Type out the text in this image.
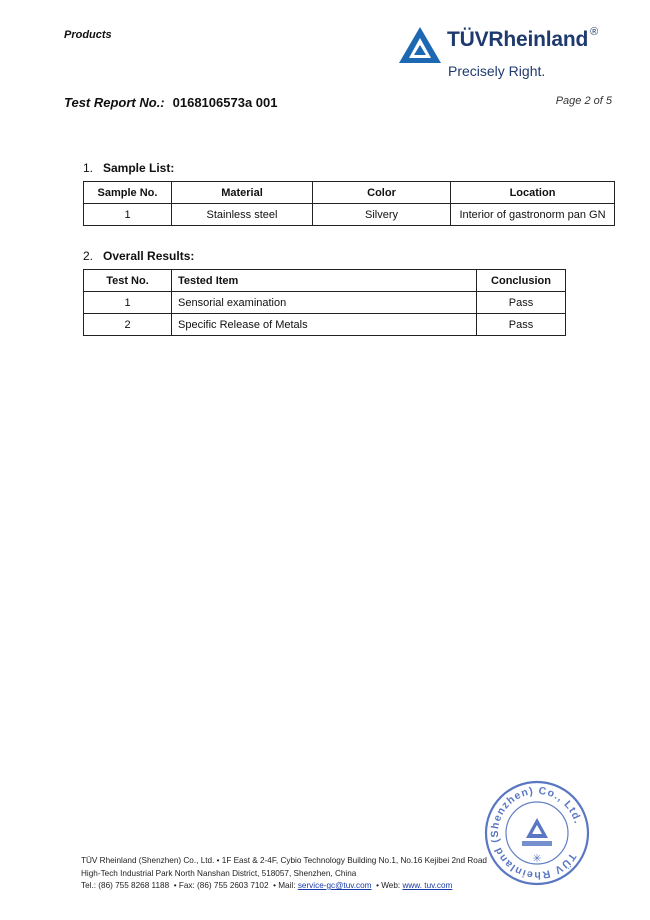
Products	TÜVRheinland ®
Precisely Right.
Test Report No.: 0168106573a 001	Page 2 of 5
1. Sample List:
Sample No.	Material	Color	Location
1	Stainless steel	Silvery	Interior of gastronorm pan GN
2. Overall Results:
Test No.	Tested Item	Conclusion
1	Sensorial examination	Pass
2	Specific Release of Metals	Pass
TÜV Rheinland (Shenzhen) Co., Ltd.
✳
TÜV Rheinland (Shenzhen) Co., Ltd. • 1F East & 2-4F, Cybio Technology Building No.1, No.16 Kejibei 2nd Road
High-Tech Industrial Park North Nanshan District, 518057, Shenzhen, China
Tel.: (86) 755 8268 1188 • Fax: (86) 755 2603 7102 • Mail: service-gc@tuv.com • Web: www. tuv.com
